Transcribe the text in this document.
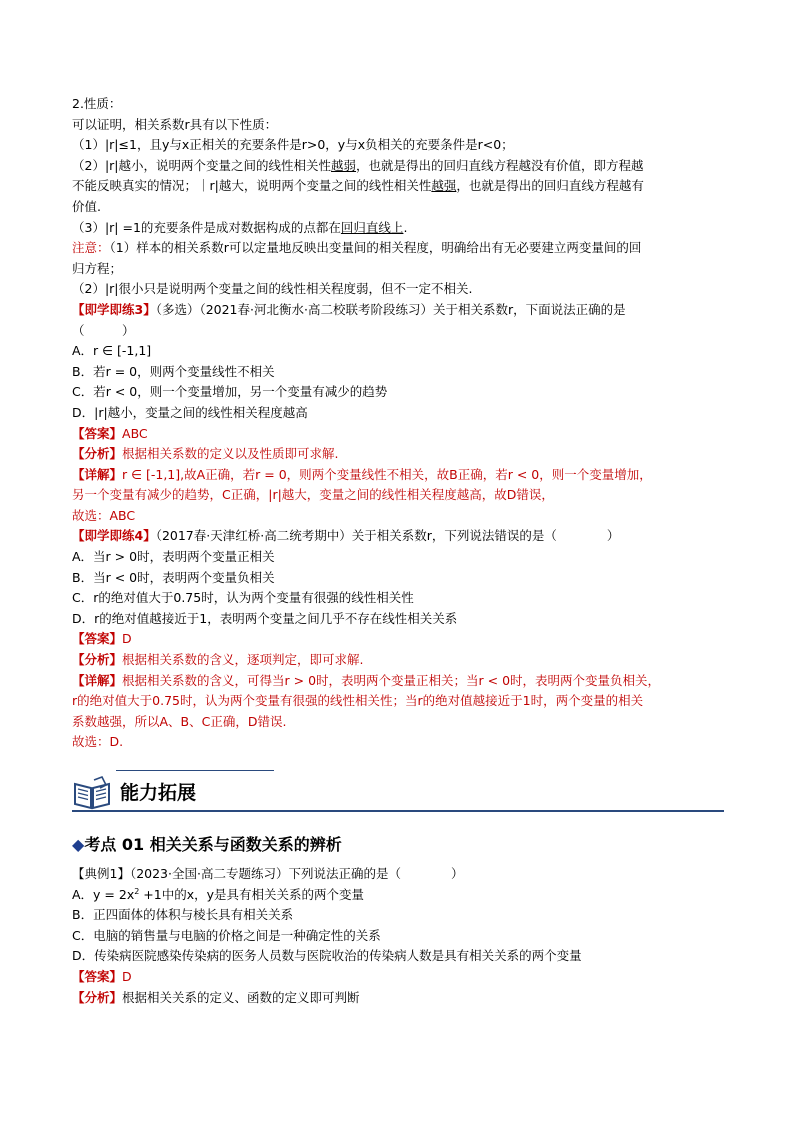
2.性质：
可以证明，相关系数r具有以下性质：
（1）|r|≤1，且y与x正相关的充要条件是r>0，y与x负相关的充要条件是r<0；
（2）|r|越小，说明两个变量之间的线性相关性越弱，也就是得出的回归直线方程越没有价值，即方程越
不能反映真实的情况；｜r|越大，说明两个变量之间的线性相关性越强，也就是得出的回归直线方程越有
价值.
（3）|r| =1的充要条件是成对数据构成的点都在回归直线上.
注意：（1）样本的相关系数r可以定量地反映出变量间的相关程度，明确给出有无必要建立两变量间的回
归方程；
（2）|r|很小只是说明两个变量之间的线性相关程度弱，但不一定不相关.
【即学即练3】（多选）（2021春·河北衡水·高二校联考阶段练习）关于相关系数r，下面说法正确的是
（　　　）
A．r ∈ [-1,1]
B．若r = 0，则两个变量线性不相关
C．若r < 0，则一个变量增加，另一个变量有减少的趋势
D．|r|越小，变量之间的线性相关程度越高
【答案】ABC
【分析】根据相关系数的定义以及性质即可求解.
【详解】r ∈ [-1,1],故A正确，若r = 0，则两个变量线性不相关，故B正确，若r < 0，则一个变量增加，
另一个变量有减少的趋势，C正确，|r|越大，变量之间的线性相关程度越高，故D错误，
故选：ABC
【即学即练4】（2017春·天津红桥·高二统考期中）关于相关系数r，下列说法错误的是（　　　　）
A．当r > 0时，表明两个变量正相关
B．当r < 0时，表明两个变量负相关
C．r的绝对值大于0.75时，认为两个变量有很强的线性相关性
D．r的绝对值越接近于1，表明两个变量之间几乎不存在线性相关关系
【答案】D
【分析】根据相关系数的含义，逐项判定，即可求解.
【详解】根据相关系数的含义，可得当r > 0时，表明两个变量正相关；当r < 0时，表明两个变量负相关，
r的绝对值大于0.75时，认为两个变量有很强的线性相关性；当r的绝对值越接近于1时，两个变量的相关
系数越强，所以A、B、C正确，D错误.
故选：D.
能力拓展
◆考点 01 相关关系与函数关系的辨析
【典例1】（2023·全国·高二专题练习）下列说法正确的是（　　　　）
A．$y = 2x^2 +1$中的x，y是具有相关关系的两个变量
B．正四面体的体积与棱长具有相关关系
C．电脑的销售量与电脑的价格之间是一种确定性的关系
D．传染病医院感染传染病的医务人员数与医院收治的传染病人数是具有相关关系的两个变量
【答案】D
【分析】根据相关关系的定义、函数的定义即可判断
